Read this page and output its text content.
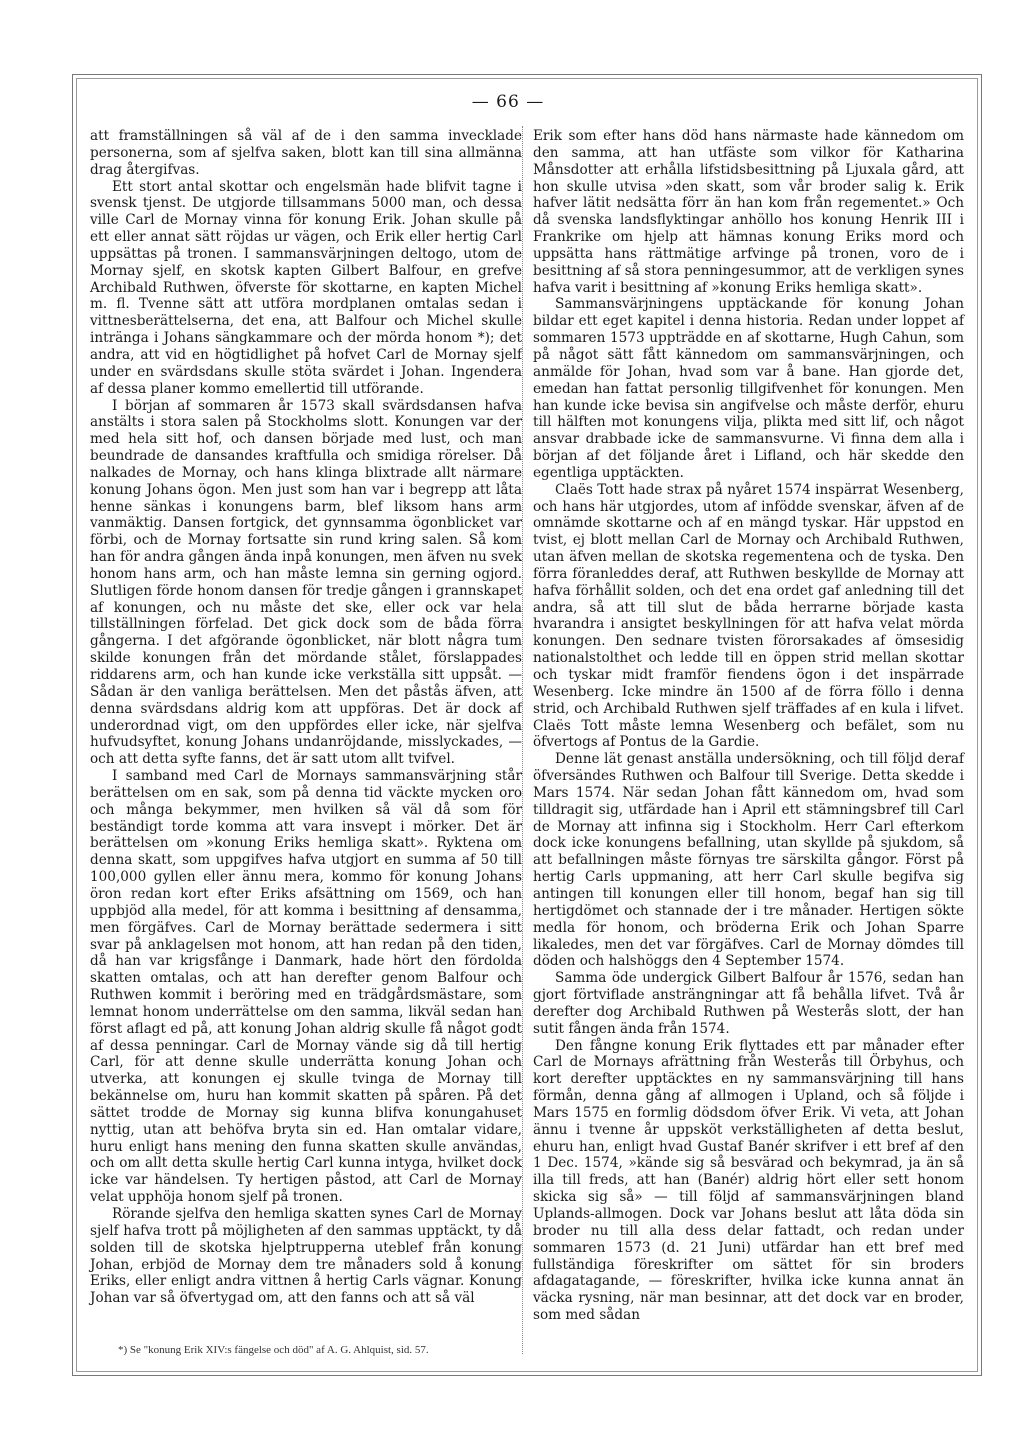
— 66 —

att framställningen så väl af de i den samma invecklade personerna, som af sjelfva saken, blott kan till sina allmänna drag återgifvas.

Ett stort antal skottar och engelsmän hade blifvit tagne i svensk tjenst. De utgjorde tillsammans 5000 man, och dessa ville Carl de Mornay vinna för konung Erik. Johan skulle på ett eller annat sätt röjdas ur vägen, och Erik eller hertig Carl uppsättas på tronen. I sammansvärjningen deltogo, utom de Mornay sjelf, en skotsk kapten Gilbert Balfour, en grefve Archibald Ruthwen, öfverste för skottarne, en kapten Michel m. fl. Tvenne sätt att utföra mordplanen omtalas sedan i vittnesberättelserna, det ena, att Balfour och Michel skulle intränga i Johans sängkammare och der mörda honom *); det andra, att vid en högtidlighet på hofvet Carl de Mornay sjelf under en svärdsdans skulle stöta svärdet i Johan. Ingendera af dessa planer kommo emellertid till utförande.

I början af sommaren år 1573 skall svärdsdansen hafva anstälts i stora salen på Stockholms slott. Konungen var der med hela sitt hof, och dansen började med lust, och man beundrade de dansandes kraftfulla och smidiga rörelser. Då nalkades de Mornay, och hans klinga blixtrade allt närmare konung Johans ögon. Men just som han var i begrepp att låta henne sänkas i konungens barm, blef liksom hans arm vanmäktig. Dansen fortgick, det gynnsamma ögonblicket var förbi, och de Mornay fortsatte sin rund kring salen. Så kom han för andra gången ända inpå konungen, men äfven nu svek honom hans arm, och han måste lemna sin gerning ogjord. Slutligen förde honom dansen för tredje gången i grannskapet af konungen, och nu måste det ske, eller ock var hela tillställningen förfelad. Det gick dock som de båda förra gångerna. I det afgörande ögonblicket, när blott några tum skilde konungen från det mördande stålet, förslappades riddarens arm, och han kunde icke verkställa sitt uppsåt. — Sådan är den vanliga berättelsen. Men det påstås äfven, att denna svärdsdans aldrig kom att uppföras. Det är dock af underordnad vigt, om den uppfördes eller icke, när sjelfva hufvudsyftet, konung Johans undanröjdande, misslyckades, — och att detta syfte fanns, det är satt utom allt tvifvel.

I samband med Carl de Mornays sammansvärjning står berättelsen om en sak, som på denna tid väckte mycken oro och många bekymmer, men hvilken så väl då som för beständigt torde komma att vara insvept i mörker. Det är berättelsen om »konung Eriks hemliga skatt». Ryktena om denna skatt, som uppgifves hafva utgjort en summa af 50 till 100,000 gyllen eller ännu mera, kommo för konung Johans öron redan kort efter Eriks afsättning om 1569, och han uppbjöd alla medel, för att komma i besittning af densamma, men förgäfves. Carl de Mornay berättade sedermera i sitt svar på anklagelsen mot honom, att han redan på den tiden, då han var krigsfånge i Danmark, hade hört den fördolda skatten omtalas, och att han derefter genom Balfour och Ruthwen kommit i beröring med en trädgårdsmästare, som lemnat honom underrättelse om den samma, likväl sedan han först aflagt ed på, att konung Johan aldrig skulle få något godt af dessa penningar. Carl de Mornay vände sig då till hertig Carl, för att denne skulle underrätta konung Johan och utverka, att konungen ej skulle tvinga de Mornay till bekännelse om, huru han kommit skatten på spåren. På det sättet trodde de Mornay sig kunna blifva konungahuset nyttig, utan att behöfva bryta sin ed. Han omtalar vidare, huru enligt hans mening den funna skatten skulle användas, och om allt detta skulle hertig Carl kunna intyga, hvilket dock icke var händelsen. Ty hertigen påstod, att Carl de Mornay velat upphöja honom sjelf på tronen.

Rörande sjelfva den hemliga skatten synes Carl de Mornay sjelf hafva trott på möjligheten af den sammas upptäckt, ty då solden till de skotska hjelptrupperna uteblef från konung Johan, erbjöd de Mornay dem tre månaders sold å konung Eriks, eller enligt andra vittnen å hertig Carls vägnar. Konung Johan var så öfvertygad om, att den fanns och att så väl

Erik som efter hans död hans närmaste hade kännedom om den samma, att han utfäste som vilkor för Katharina Månsdotter att erhålla lifstidsbesittning på Ljuxala gård, att hon skulle utvisa »den skatt, som vår broder salig k. Erik hafver lätit nedsätta förr än han kom från regementet.» Och då svenska landsflyktingar anhöllo hos konung Henrik III i Frankrike om hjelp att hämnas konung Eriks mord och uppsätta hans rättmätige arfvinge på tronen, voro de i besittning af så stora penningesummor, att de verkligen synes hafva varit i besittning af »konung Eriks hemliga skatt».

Sammansvärjningens upptäckande för konung Johan bildar ett eget kapitel i denna historia. Redan under loppet af sommaren 1573 uppträdde en af skottarne, Hugh Cahun, som på något sätt fått kännedom om sammansvärjningen, och anmälde för Johan, hvad som var å bane. Han gjorde det, emedan han fattat personlig tillgifvenhet för konungen. Men han kunde icke bevisa sin angifvelse och måste derför, ehuru till hälften mot konungens vilja, plikta med sitt lif, och något ansvar drabbade icke de sammansvurne. Vi finna dem alla i början af det följande året i Lifland, och här skedde den egentliga upptäckten.

Claës Tott hade strax på nyåret 1574 inspärrat Wesenberg, och hans här utgjordes, utom af infödde svenskar, äfven af de omnämde skottarne och af en mängd tyskar. Här uppstod en tvist, ej blott mellan Carl de Mornay och Archibald Ruthwen, utan äfven mellan de skotska regementena och de tyska. Den förra föranleddes deraf, att Ruthwen beskyllde de Mornay att hafva förhållit solden, och det ena ordet gaf anledning till det andra, så att till slut de båda herrarne började kasta hvarandra i ansigtet beskyllningen för att hafva velat mörda konungen. Den sednare tvisten förorsakades af ömsesidig nationalstolthet och ledde till en öppen strid mellan skottar och tyskar midt framför fiendens ögon i det inspärrade Wesenberg. Icke mindre än 1500 af de förra föllo i denna strid, och Archibald Ruthwen sjelf träffades af en kula i lifvet. Claës Tott måste lemna Wesenberg och befälet, som nu öfvertogs af Pontus de la Gardie.

Denne lät genast anställa undersökning, och till följd deraf öfversändes Ruthwen och Balfour till Sverige. Detta skedde i Mars 1574. När sedan Johan fått kännedom om, hvad som tilldragit sig, utfärdade han i April ett stämningsbref till Carl de Mornay att infinna sig i Stockholm. Herr Carl efterkom dock icke konungens befallning, utan skyllde på sjukdom, så att befallningen måste förnyas tre särskilta gångor. Först på hertig Carls uppmaning, att herr Carl skulle begifva sig antingen till konungen eller till honom, begaf han sig till hertigdömet och stannade der i tre månader. Hertigen sökte medla för honom, och bröderna Erik och Johan Sparre likaledes, men det var förgäfves. Carl de Mornay dömdes till döden och halshöggs den 4 September 1574.

Samma öde undergick Gilbert Balfour år 1576, sedan han gjort förtviflade ansträngningar att få behålla lifvet. Två år derefter dog Archibald Ruthwen på Westerås slott, der han sutit fången ända från 1574.

Den fångne konung Erik flyttades ett par månader efter Carl de Mornays afrättning från Westerås till Örbyhus, och kort derefter upptäcktes en ny sammansvärjning till hans förmån, denna gång af allmogen i Upland, och så följde i Mars 1575 en formlig dödsdom öfver Erik. Vi veta, att Johan ännu i tvenne år uppsköt verkställigheten af detta beslut, ehuru han, enligt hvad Gustaf Banér skrifver i ett bref af den 1 Dec. 1574, »kände sig så besvärad och bekymrad, ja än så illa till freds, att han (Banér) aldrig hört eller sett honom skicka sig så» — till följd af sammansvärjningen bland Uplands-allmogen. Dock var Johans beslut att låta döda sin broder nu till alla dess delar fattadt, och redan under sommaren 1573 (d. 21 Juni) utfärdar han ett bref med fullständiga föreskrifter om sättet för sin broders afdagatagande, — föreskrifter, hvilka icke kunna annat än väcka rysning, när man besinnar, att det dock var en broder, som med sådan

*) Se "konung Erik XIV:s fängelse och död" af A. G. Ahlquist, sid. 57.
